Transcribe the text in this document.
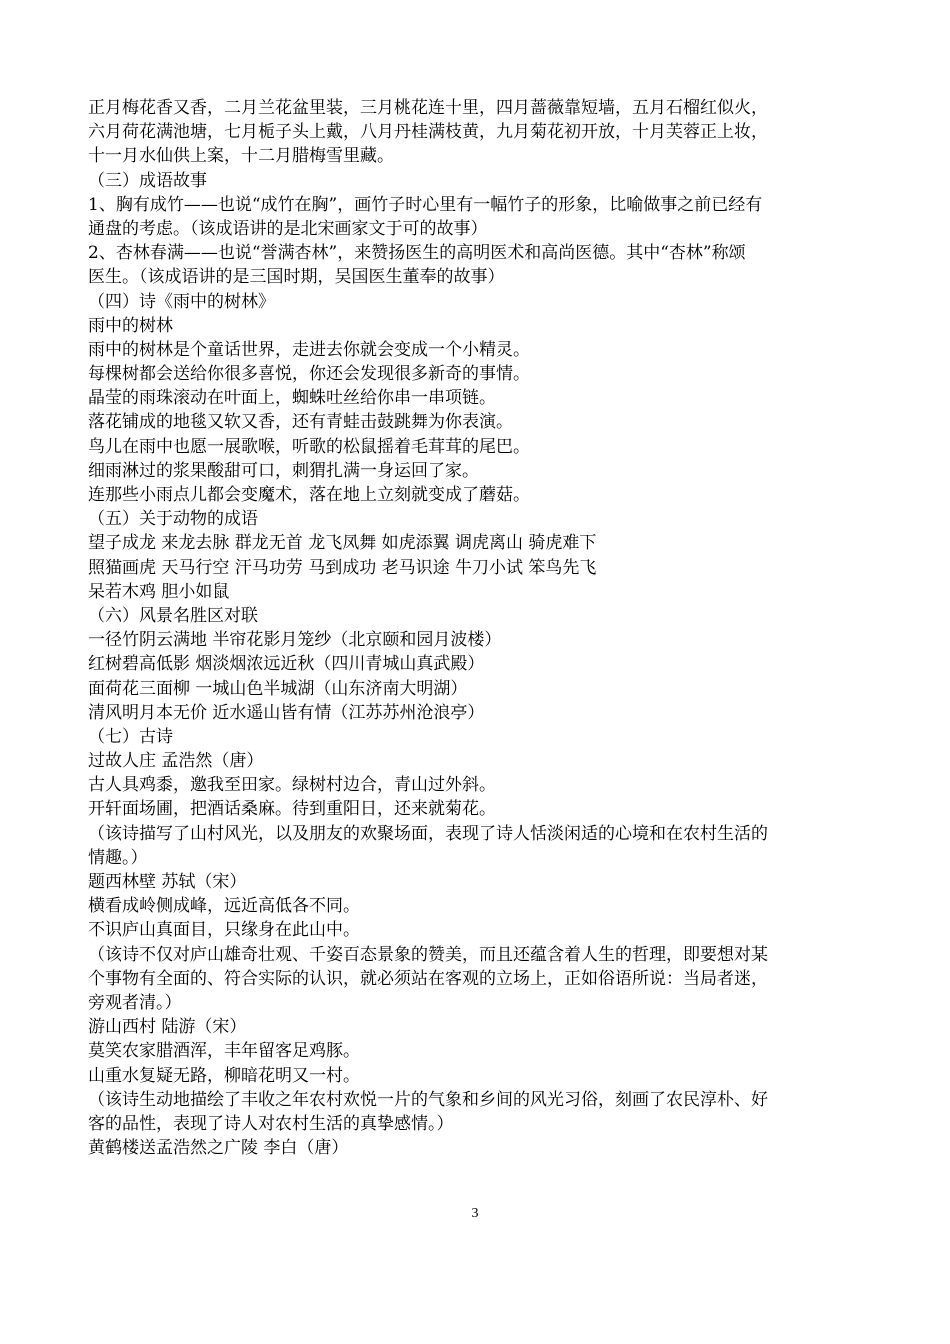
正月梅花香又香，二月兰花盆里装，三月桃花连十里，四月蔷薇靠短墙，五月石榴红似火，
六月荷花满池塘，七月栀子头上戴，八月丹桂满枝黄，九月菊花初开放，十月芙蓉正上妆，
十一月水仙供上案，十二月腊梅雪里藏。
（三）成语故事
1、胸有成竹——也说“成竹在胸”，画竹子时心里有一幅竹子的形象，比喻做事之前已经有
通盘的考虑。（该成语讲的是北宋画家文于可的故事）
2、杏林春满——也说“誉满杏林”，来赞扬医生的高明医术和高尚医德。其中“杏林”称颂
医生。（该成语讲的是三国时期，吴国医生董奉的故事）
（四）诗《雨中的树林》
雨中的树林
雨中的树林是个童话世界，走进去你就会变成一个小精灵。
每棵树都会送给你很多喜悦，你还会发现很多新奇的事情。
晶莹的雨珠滚动在叶面上，蜘蛛吐丝给你串一串项链。
落花铺成的地毯又软又香，还有青蛙击鼓跳舞为你表演。
鸟儿在雨中也愿一展歌喉，听歌的松鼠摇着毛茸茸的尾巴。
细雨淋过的浆果酸甜可口，刺猬扎满一身运回了家。
连那些小雨点儿都会变魔术，落在地上立刻就变成了蘑菇。
（五）关于动物的成语
望子成龙 来龙去脉 群龙无首 龙飞凤舞 如虎添翼 调虎离山 骑虎难下
照猫画虎 天马行空 汗马功劳 马到成功 老马识途 牛刀小试 笨鸟先飞
呆若木鸡 胆小如鼠
（六）风景名胜区对联
一径竹阴云满地 半帘花影月笼纱（北京颐和园月波楼）
红树碧高低影 烟淡烟浓远近秋（四川青城山真武殿）
面荷花三面柳 一城山色半城湖（山东济南大明湖）
清风明月本无价 近水遥山皆有情（江苏苏州沧浪亭）
（七）古诗
过故人庄 孟浩然（唐）
古人具鸡黍，邀我至田家。绿树村边合，青山过外斜。
开轩面场圃，把酒话桑麻。待到重阳日，还来就菊花。
（该诗描写了山村风光，以及朋友的欢聚场面，表现了诗人恬淡闲适的心境和在农村生活的
情趣。）
题西林壁 苏轼（宋）
横看成岭侧成峰，远近高低各不同。
不识庐山真面目，只缘身在此山中。
（该诗不仅对庐山雄奇壮观、千姿百态景象的赞美，而且还蕴含着人生的哲理，即要想对某
个事物有全面的、符合实际的认识，就必须站在客观的立场上，正如俗语所说：当局者迷，
旁观者清。）
游山西村 陆游（宋）
莫笑农家腊酒浑，丰年留客足鸡豚。
山重水复疑无路，柳暗花明又一村。
（该诗生动地描绘了丰收之年农村欢悦一片的气象和乡间的风光习俗，刻画了农民淳朴、好
客的品性，表现了诗人对农村生活的真挚感情。）
黄鹤楼送孟浩然之广陵 李白（唐）
3
